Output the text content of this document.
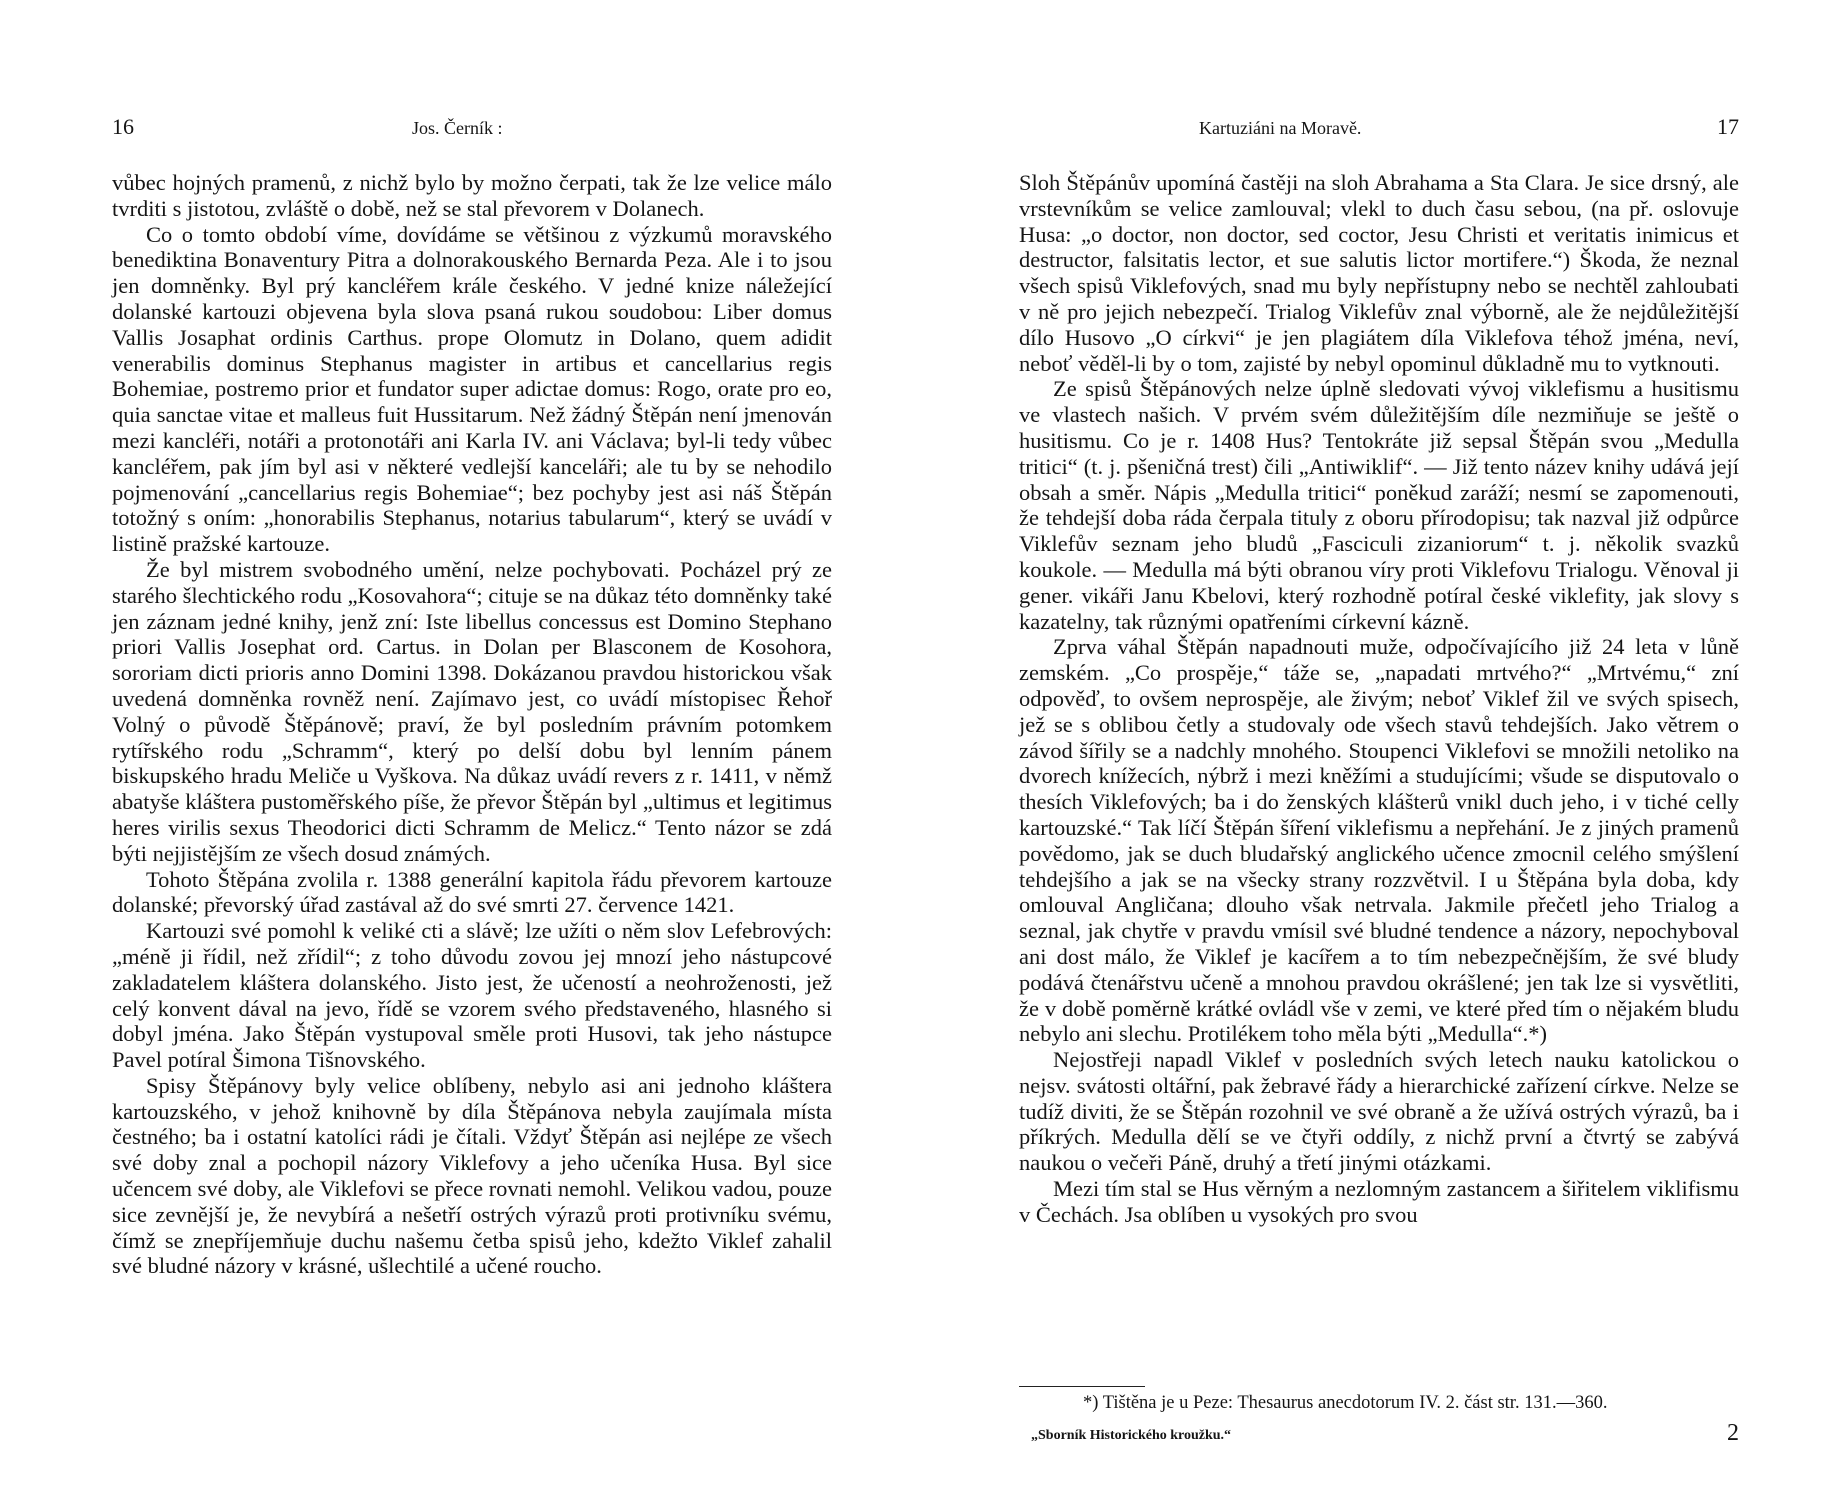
16	Jos. Černík :

vůbec hojných pramenů, z nichž bylo by možno čerpati, tak že lze velice málo tvrditi s jistotou, zvláště o době, než se stal převorem v Dolanech.

Co o tomto období víme, dovídáme se většinou z výzkumů moravského benediktina Bonaventury Pitra a dolnorakouského Bernarda Peza. Ale i to jsou jen domněnky. Byl prý kancléřem krále českého. V jedné knize náležející dolanské kartouzi objevena byla slova psaná rukou soudobou: Liber domus Vallis Josaphat ordinis Carthus. prope Olomutz in Dolano, quem adidit venerabilis dominus Stephanus magister in artibus et cancellarius regis Bohemiae, postremo prior et fundator super adictae domus: Rogo, orate pro eo, quia sanctae vitae et malleus fuit Hussitarum. Než žádný Štěpán není jmenován mezi kancléři, notáři a protonotáři ani Karla IV. ani Václava; byl-li tedy vůbec kancléřem, pak jím byl asi v některé vedlejší kanceláři; ale tu by se nehodilo pojmenování „cancellarius regis Bohemiae“; bez pochyby jest asi náš Štěpán totožný s oním: „honorabilis Stephanus, notarius tabularum“, který se uvádí v listině pražské kartouze.

Že byl mistrem svobodného umění, nelze pochybovati. Pocházel prý ze starého šlechtického rodu „Kosovahora“; cituje se na důkaz této domněnky také jen záznam jedné knihy, jenž zní: Iste libellus concessus est Domino Stephano priori Vallis Josephat ord. Cartus. in Dolan per Blasconem de Kosohora, sororiam dicti prioris anno Domini 1398. Dokázanou pravdou historickou však uvedená domněnka rovněž není. Zajímavo jest, co uvádí místopisec Řehoř Volný o původě Štěpánově; praví, že byl posledním právním potomkem rytířského rodu „Schramm“, který po delší dobu byl lenním pánem biskupského hradu Meliče u Vyškova. Na důkaz uvádí revers z r. 1411, v němž abatyše kláštera pustoměřského píše, že převor Štěpán byl „ultimus et legitimus heres virilis sexus Theodorici dicti Schramm de Melicz.“ Tento názor se zdá býti nejjistějším ze všech dosud známých.

Tohoto Štěpána zvolila r. 1388 generální kapitola řádu převorem kartouze dolanské; převorský úřad zastával až do své smrti 27. července 1421.

Kartouzi své pomohl k veliké cti a slávě; lze užíti o něm slov Lefebrových: „méně ji řídil, než zřídil“; z toho důvodu zovou jej mnozí jeho nástupcové zakladatelem kláštera dolanského. Jisto jest, že učeností a neohroženosti, jež celý konvent dával na jevo, řídě se vzorem svého představeného, hlasného si dobyl jména. Jako Štěpán vystupoval směle proti Husovi, tak jeho nástupce Pavel potíral Šimona Tišnovského.

Spisy Štěpánovy byly velice oblíbeny, nebylo asi ani jednoho kláštera kartouzského, v jehož knihovně by díla Štěpánova nebyla zaujímala místa čestného; ba i ostatní katolíci rádi je čítali. Vždyť Štěpán asi nejlépe ze všech své doby znal a pochopil názory Viklefovy a jeho učeníka Husa. Byl sice učencem své doby, ale Viklefovi se přece rovnati nemohl. Velikou vadou, pouze sice zevnější je, že nevybírá a nešetří ostrých výrazů proti protivníku svému, čímž se znepříjemňuje duchu našemu četba spisů jeho, kdežto Viklef zahalil své bludné názory v krásné, ušlechtilé a učené roucho.

Kartuziáni na Moravě.	17

Sloh Štěpánův upomíná častěji na sloh Abrahama a Sta Clara. Je sice drsný, ale vrstevníkům se velice zamlouval; vlekl to duch času sebou, (na př. oslovuje Husa: „o doctor, non doctor, sed coctor, Jesu Christi et veritatis inimicus et destructor, falsitatis lector, et sue salutis lictor mortifere.“) Škoda, že neznal všech spisů Viklefových, snad mu byly nepřístupny nebo se nechtěl zahloubati v ně pro jejich nebezpečí. Trialog Viklefův znal výborně, ale že nejdůležitější dílo Husovo „O církvi“ je jen plagiátem díla Viklefova téhož jména, neví, neboť věděl-li by o tom, zajisté by nebyl opominul důkladně mu to vytknouti.

Ze spisů Štěpánových nelze úplně sledovati vývoj viklefismu a husitismu ve vlastech našich. V prvém svém důležitějším díle nezmiňuje se ještě o husitismu. Co je r. 1408 Hus? Tentokráte již sepsal Štěpán svou „Medulla tritici“ (t. j. pšeničná trest) čili „Antiwiklif“. — Již tento název knihy udává její obsah a směr. Nápis „Medulla tritici“ poněkud zaráží; nesmí se zapomenouti, že tehdejší doba ráda čerpala tituly z oboru přírodopisu; tak nazval již odpůrce Viklefův seznam jeho bludů „Fasciculi zizaniorum“ t. j. několik svazků koukole. — Medulla má býti obranou víry proti Viklefovu Trialogu. Věnoval ji gener. vikáři Janu Kbelovi, který rozhodně potíral české viklefity, jak slovy s kazatelny, tak různými opatřeními církevní kázně.

Zprva váhal Štěpán napadnouti muže, odpočívajícího již 24 leta v lůně zemském. „Co prospěje,“ táže se, „napadati mrtvého?“ „Mrtvému,“ zní odpověď, to ovšem neprospěje, ale živým; neboť Viklef žil ve svých spisech, jež se s oblibou četly a studovaly ode všech stavů tehdejších. Jako větrem o závod šířily se a nadchly mnohého. Stoupenci Viklefovi se množili netoliko na dvorech knížecích, nýbrž i mezi kněžími a studujícími; všude se disputovalo o thesích Viklefových; ba i do ženských klášterů vnikl duch jeho, i v tiché celly kartouzské.“ Tak líčí Štěpán šíření viklefismu a nepřehání. Je z jiných pramenů povědomo, jak se duch bludařský anglického učence zmocnil celého smýšlení tehdejšího a jak se na všecky strany rozzvětvil. I u Štěpána byla doba, kdy omlouval Angličana; dlouho však netrvala. Jakmile přečetl jeho Trialog a seznal, jak chytře v pravdu vmísil své bludné tendence a názory, nepochyboval ani dost málo, že Viklef je kacířem a to tím nebezpečnějším, že své bludy podává čtenářstvu učeně a mnohou pravdou okrášlené; jen tak lze si vysvětliti, že v době poměrně krátké ovládl vše v zemi, ve které před tím o nějakém bludu nebylo ani slechu. Protilékem toho měla býti „Medulla“.*)

Nejostřeji napadl Viklef v posledních svých letech nauku katolickou o nejsv. svátosti oltářní, pak žebravé řády a hierarchické zařízení církve. Nelze se tudíž diviti, že se Štěpán rozohnil ve své obraně a že užívá ostrých výrazů, ba i příkrých. Medulla dělí se ve čtyři oddíly, z nichž první a čtvrtý se zabývá naukou o večeři Páně, druhý a třetí jinými otázkami.

Mezi tím stal se Hus věrným a nezlomným zastancem a šiřitelem viklifismu v Čechách. Jsa oblíben u vysokých pro svou

*) Tištěna je u Peze: Thesaurus anecdotorum IV. 2. část str. 131.—360.
„Sborník Historického kroužku.“	2
